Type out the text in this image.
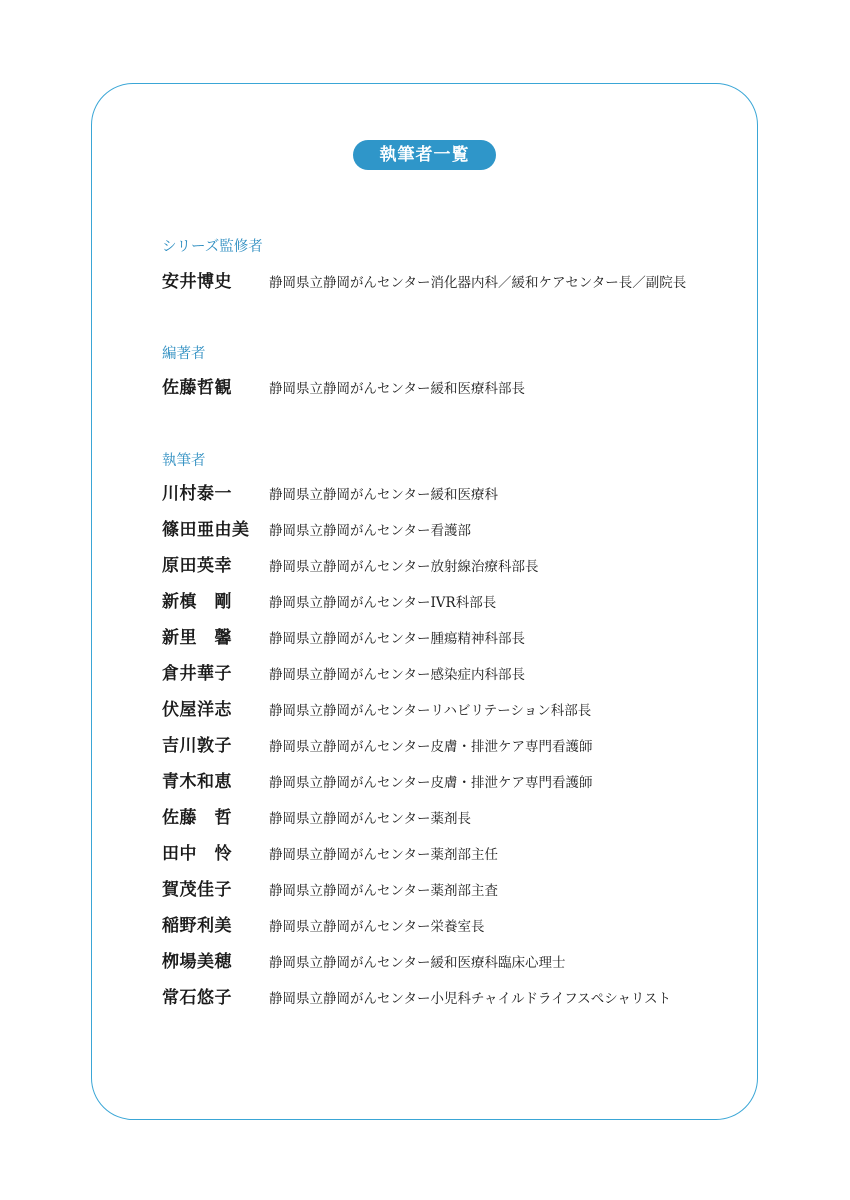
執筆者一覧
シリーズ監修者
安井博史	静岡県立静岡がんセンター消化器内科／緩和ケアセンター長／副院長
編著者
佐藤哲観	静岡県立静岡がんセンター緩和医療科部長
執筆者
川村泰一	静岡県立静岡がんセンター緩和医療科
篠田亜由美	静岡県立静岡がんセンター看護部
原田英幸	静岡県立静岡がんセンター放射線治療科部長
新槙　剛	静岡県立静岡がんセンターIVR科部長
新里　馨	静岡県立静岡がんセンター腫瘍精神科部長
倉井華子	静岡県立静岡がんセンター感染症内科部長
伏屋洋志	静岡県立静岡がんセンターリハビリテーション科部長
吉川敦子	静岡県立静岡がんセンター皮膚・排泄ケア専門看護師
青木和恵	静岡県立静岡がんセンター皮膚・排泄ケア専門看護師
佐藤　哲	静岡県立静岡がんセンター薬剤長
田中　怜	静岡県立静岡がんセンター薬剤部主任
賀茂佳子	静岡県立静岡がんセンター薬剤部主査
稲野利美	静岡県立静岡がんセンター栄養室長
栁場美穂	静岡県立静岡がんセンター緩和医療科臨床心理士
常石悠子	静岡県立静岡がんセンター小児科チャイルドライフスペシャリスト
